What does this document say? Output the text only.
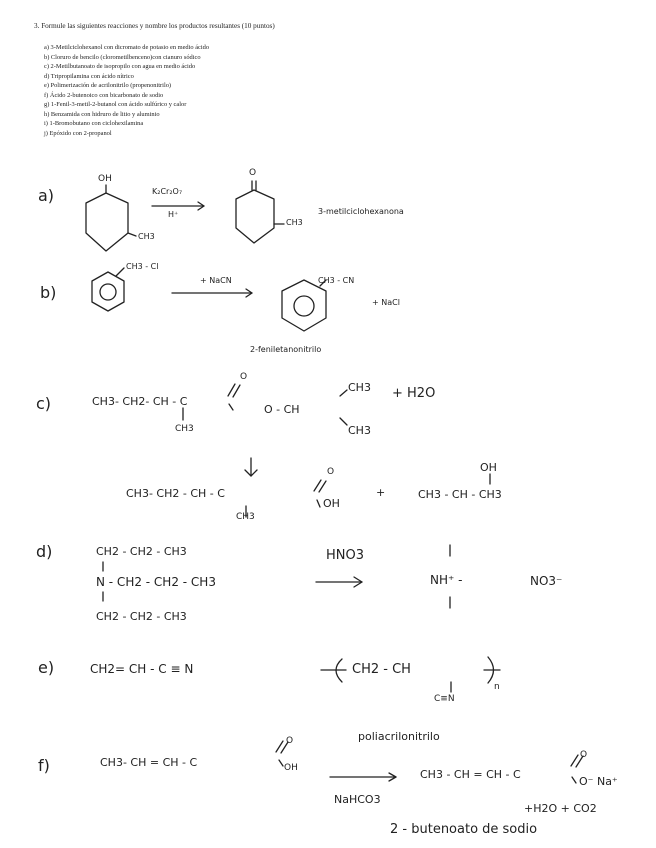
3. Formule las siguientes reacciones y nombre los productos resultantes (10 puntos)
a) 3-Metilciclohexanol con dicromato de potasio en medio ácido
b) Cloruro de bencilo (clorometilbenceno)con cianuro sódico
c) 2-Metilbutanoato de isopropilo con agua en medio ácido
d) Tripropilamina con ácido nítrico
e) Polimerización de acrilonitrilo (propenonitrilo)
f) Ácido 2-butenoico con bicarbonato de sodio
g) 1-Fenil-3-metil-2-butanol con ácido sulfúrico y calor
h) Benzamida con hidruro de litio y aluminio
i) 1-Bromobutano con ciclohexilamina
j) Epóxido con 2-propanol
a)
OH
CH3
K₂Cr₂O₇
H⁺
O
CH3
3-metilciclohexanona
b)
CH3 - Cl
+ NaCN	CH3 - CN
+ NaCl
2-fenileta​nonitrilo
c)	CH3- CH2- CH - C
CH3
O
O - CH
CH3
CH3
+ H2O
CH3- CH2 - CH - C
CH3
O
OH
+
OH
CH3 - CH - CH3
d)	CH2 - CH2 - CH3
N - CH2 - CH2 - CH3
CH2 - CH2 - CH3
HNO3
NH⁺ -	NO3⁻
e)	CH2= CH - C ≡ N	CH2 - CH
C≡N
n
poliacrilonitrilo
f)	CH3- CH = CH - C
O
OH
NaHCO3
CH3 - CH = CH - C
O
O⁻ Na⁺
+H2O + CO2
2 - butenoato de sodio
